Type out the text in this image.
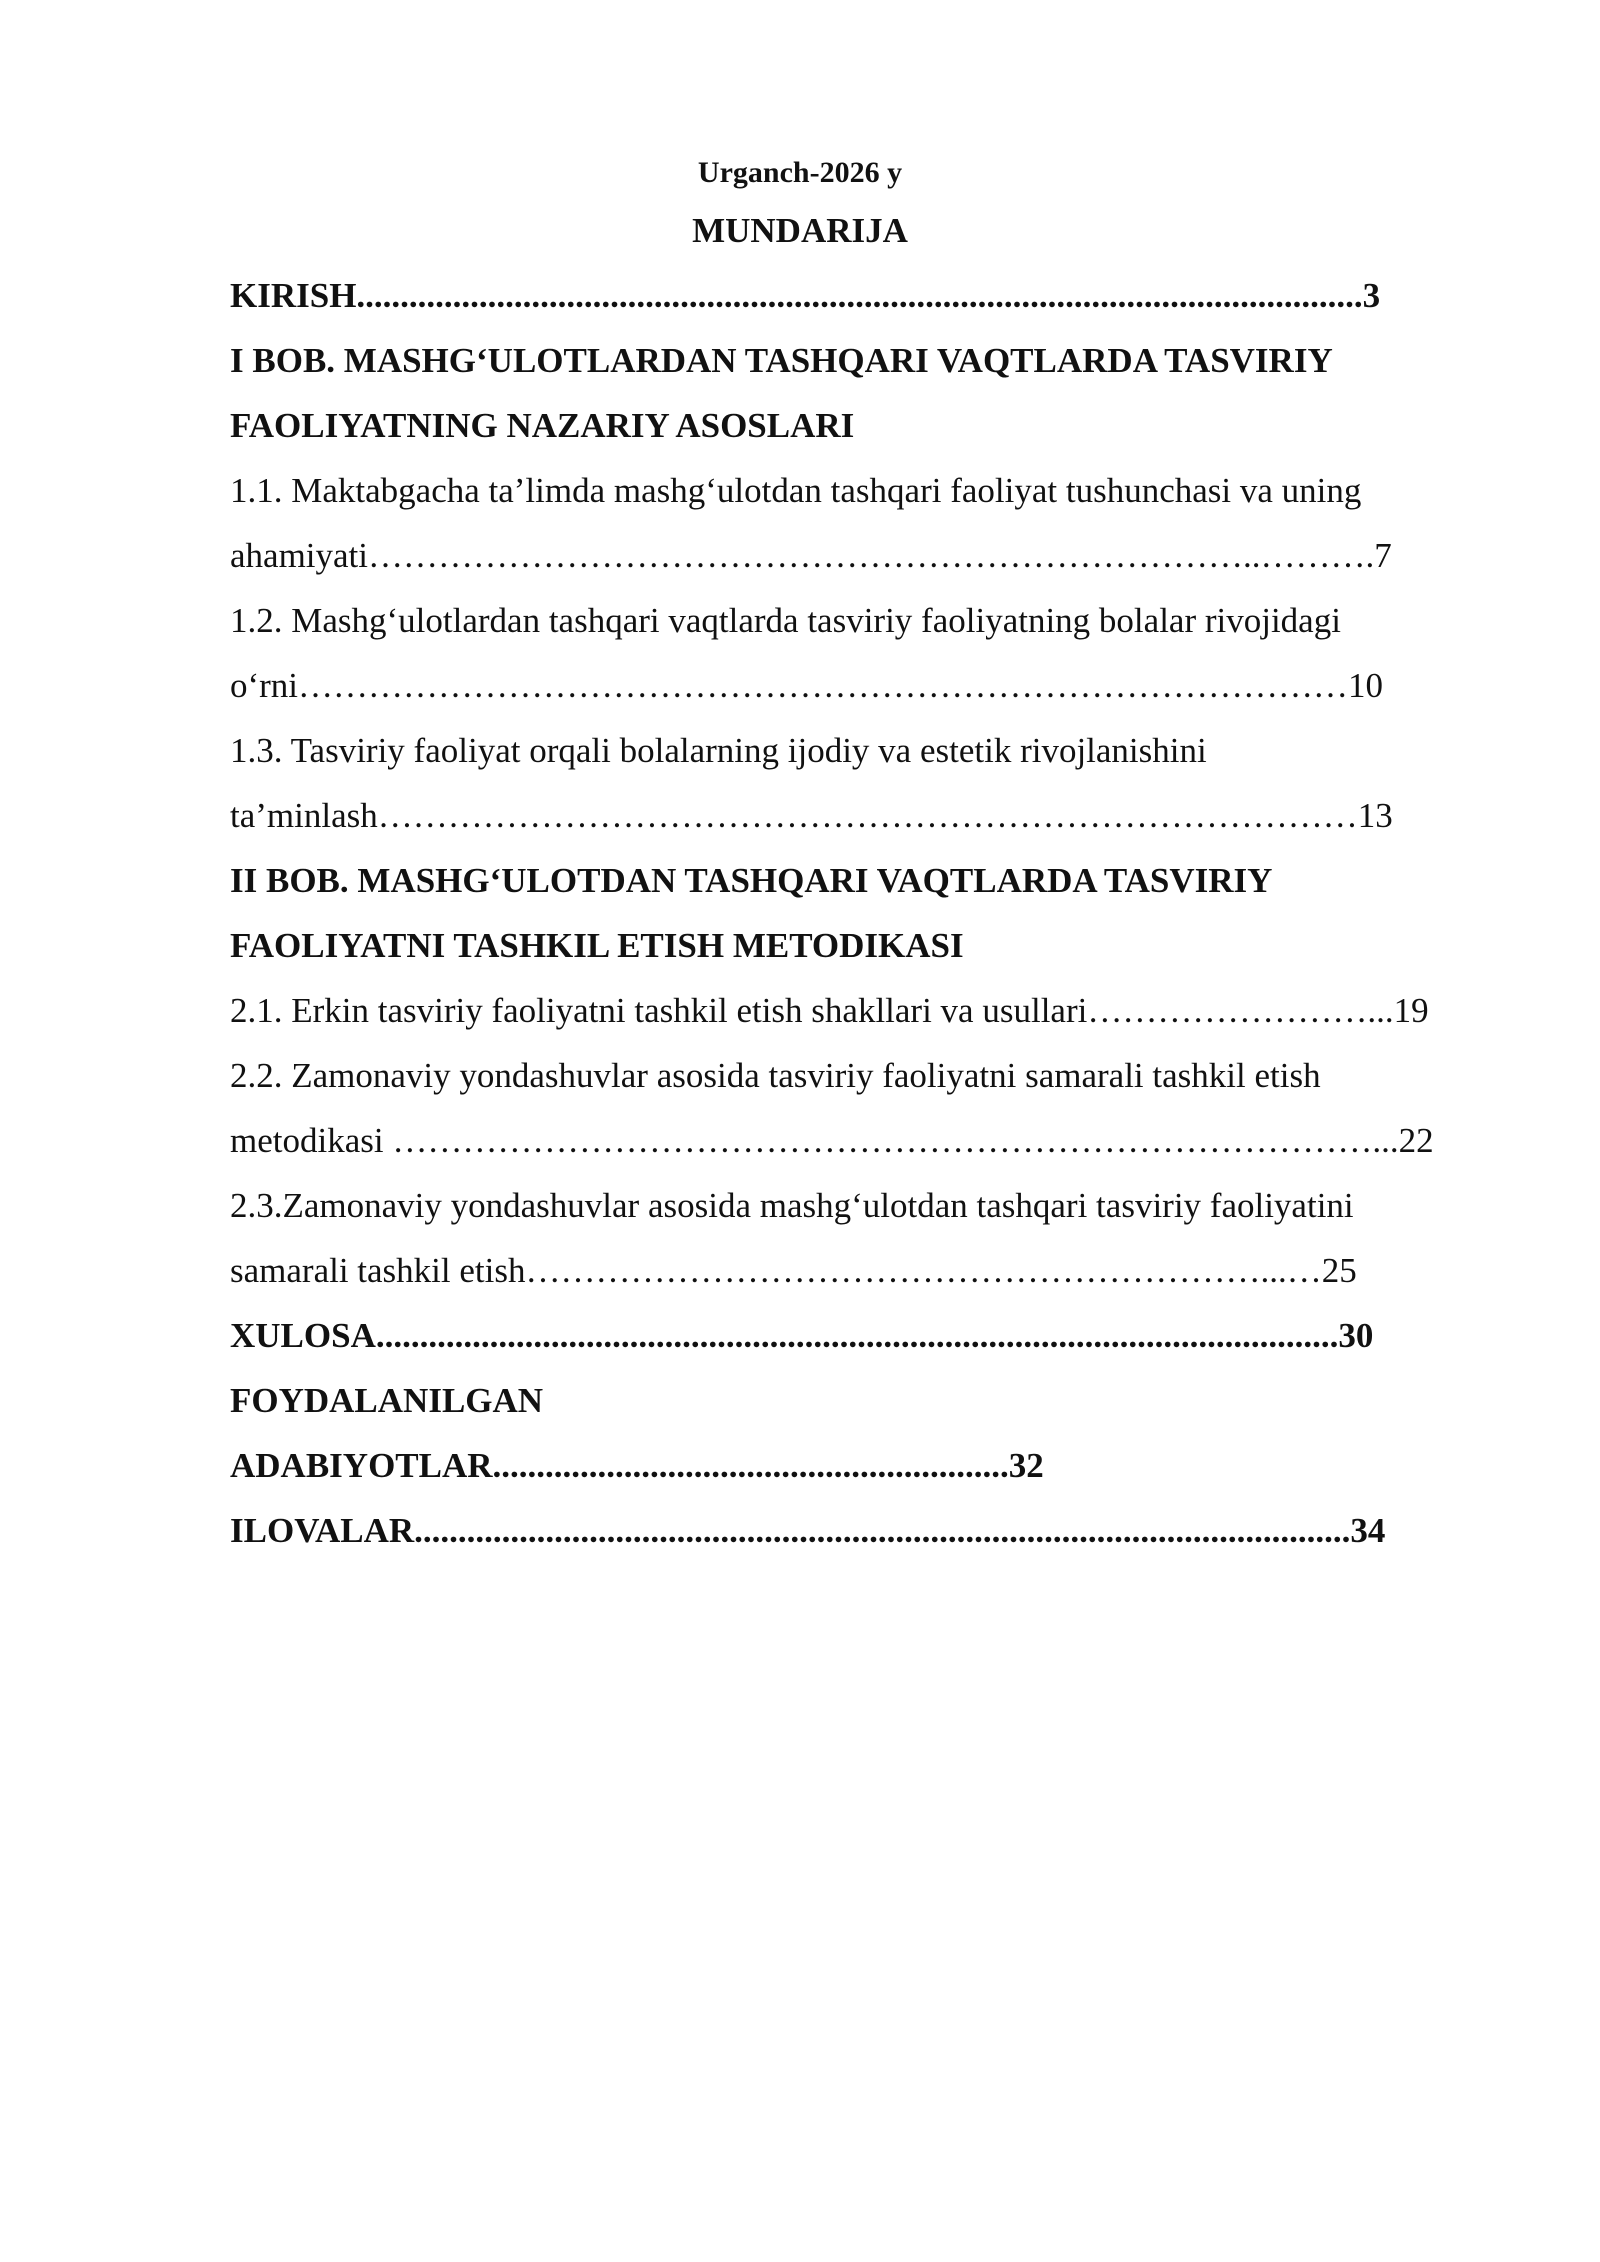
Urganch-2026 y
MUNDARIJA
KIRISH...................................................................................................................3
I BOB. MASHG‘ULOTLARDAN TASHQARI VAQTLARDA TASVIRIY
FAOLIYATNING NAZARIY ASOSLARI
1.1. Maktabgacha ta’limda mashg‘ulotdan tashqari faoliyat tushunchasi va uning
ahamiyati…………………………………………………………………..……….7
1.2. Mashg‘ulotlardan tashqari vaqtlarda tasviriy faoliyatning bolalar rivojidagi
o‘rni………………………………………………………………………………10
1.3. Tasviriy faoliyat orqali bolalarning ijodiy va estetik rivojlanishini
ta’minlash…………………………………………………………………………13
II BOB. MASHG‘ULOTDAN TASHQARI VAQTLARDA TASVIRIY
FAOLIYATNI TASHKIL ETISH METODIKASI
2.1. Erkin tasviriy faoliyatni tashkil etish shakllari va usullari……………………...19
2.2. Zamonaviy yondashuvlar asosida tasviriy faoliyatni samarali tashkil etish
metodikasi …………………………………………………………………………...22
2.3.Zamonaviy yondashuvlar asosida mashg‘ulotdan tashqari tasviriy faoliyatini
samarali tashkil etish………………………………………………………...…25
XULOSA..............................................................................................................30
FOYDALANILGAN
ADABIYOTLAR...........................................................32
ILOVALAR...........................................................................................................34
